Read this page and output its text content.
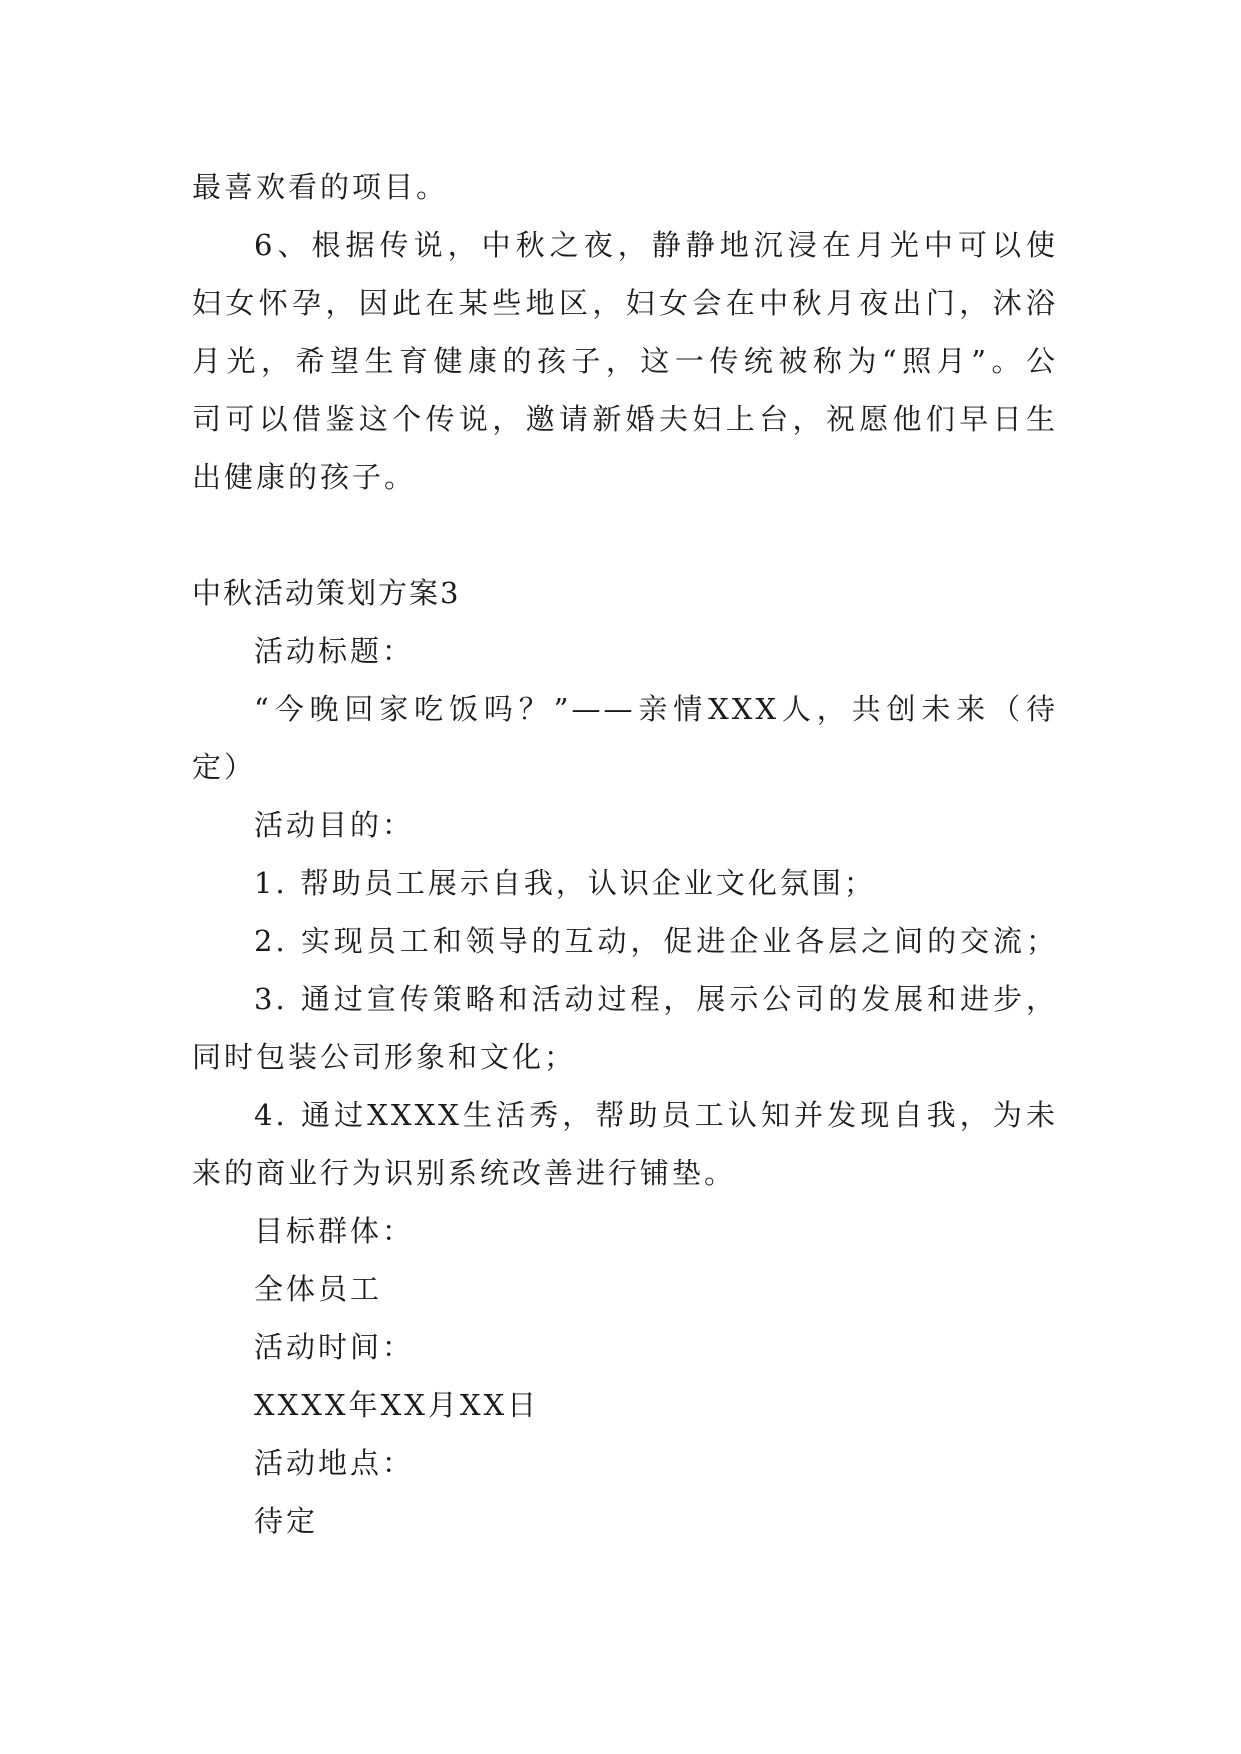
最喜欢看的项目。
6、根据传说，中秋之夜，静静地沉浸在月光中可以使
妇女怀孕，因此在某些地区，妇女会在中秋月夜出门，沐浴
月光，希望生育健康的孩子，这一传统被称为“照月”。公
司可以借鉴这个传说，邀请新婚夫妇上台，祝愿他们早日生
出健康的孩子。
中秋活动策划方案3
活动标题：
“今晚回家吃饭吗？”——亲情XXX人，共创未来（待
定）
活动目的：
1. 帮助员工展示自我，认识企业文化氛围；
2. 实现员工和领导的互动，促进企业各层之间的交流；
3. 通过宣传策略和活动过程，展示公司的发展和进步，
同时包装公司形象和文化；
4. 通过XXXX生活秀，帮助员工认知并发现自我，为未
来的商业行为识别系统改善进行铺垫。
目标群体：
全体员工
活动时间：
XXXX年XX月XX日
活动地点：
待定
